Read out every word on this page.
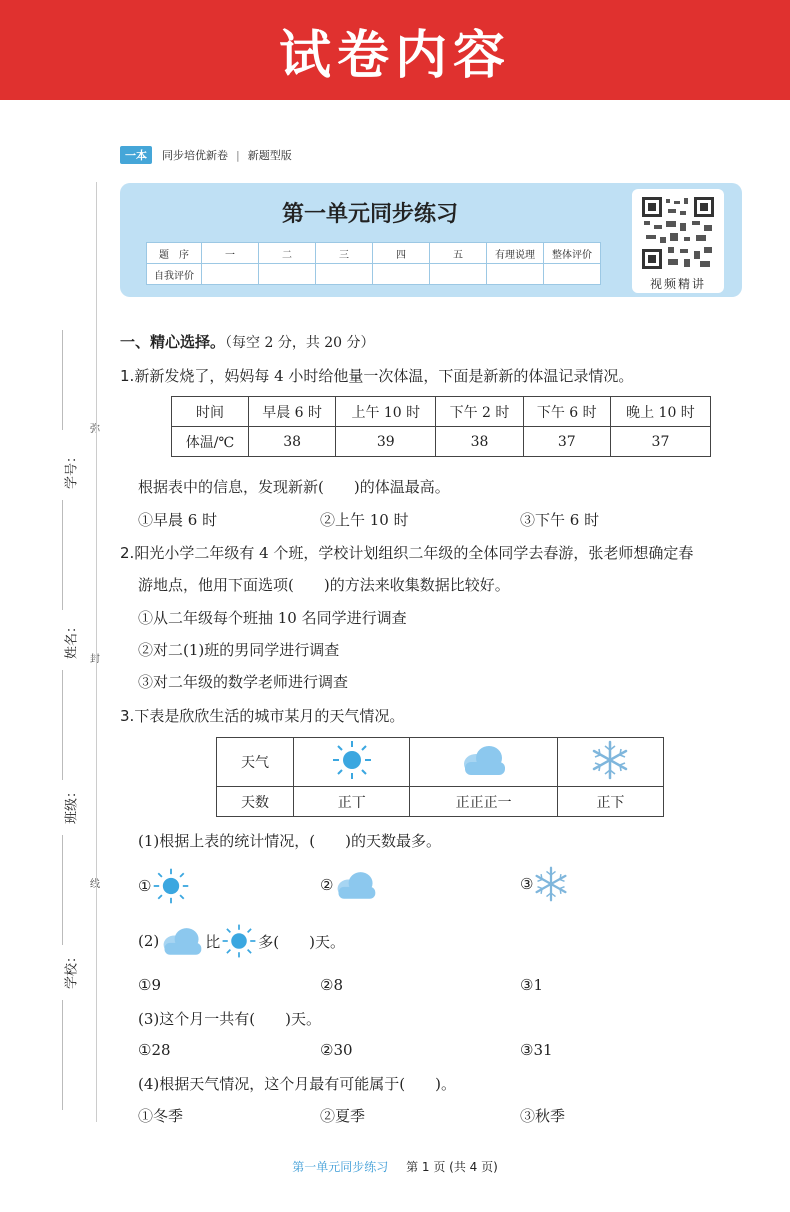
试卷内容
一本	同步培优新卷 | 新题型版
第一单元同步练习
题　序	一	二	三	四	五	有理说理	整体评价
自我评价							
视频精讲
学号：
姓名：
班级：
学校：
弥
封
线
一、精心选择。（每空 2 分，共 20 分）
1.新新发烧了，妈妈每 4 小时给他量一次体温，下面是新新的体温记录情况。
时间	早晨 6 时	上午 10 时	下午 2 时	下午 6 时	晚上 10 时
体温/℃	38	39	38	37	37
根据表中的信息，发现新新(　　)的体温最高。
①早晨 6 时	②上午 10 时	③下午 6 时
2.阳光小学二年级有 4 个班，学校计划组织二年级的全体同学去春游，张老师想确定春
游地点，他用下面选项(　　)的方法来收集数据比较好。
①从二年级每个班抽 10 名同学进行调查
②对二(1)班的男同学进行调查
③对二年级的数学老师进行调查
3.下表是欣欣生活的城市某月的天气情况。
天气			
天数	正丅	正正正一	正下
(1)根据上表的统计情况，(　　)的天数最多。
①	②	③
(2)	比	多(　　)天。
①9	②8	③1
(3)这个月一共有(　　)天。
①28	②30	③31
(4)根据天气情况，这个月最有可能属于(　　)。
①冬季	②夏季	③秋季
第一单元同步练习 第 1 页 (共 4 页)
